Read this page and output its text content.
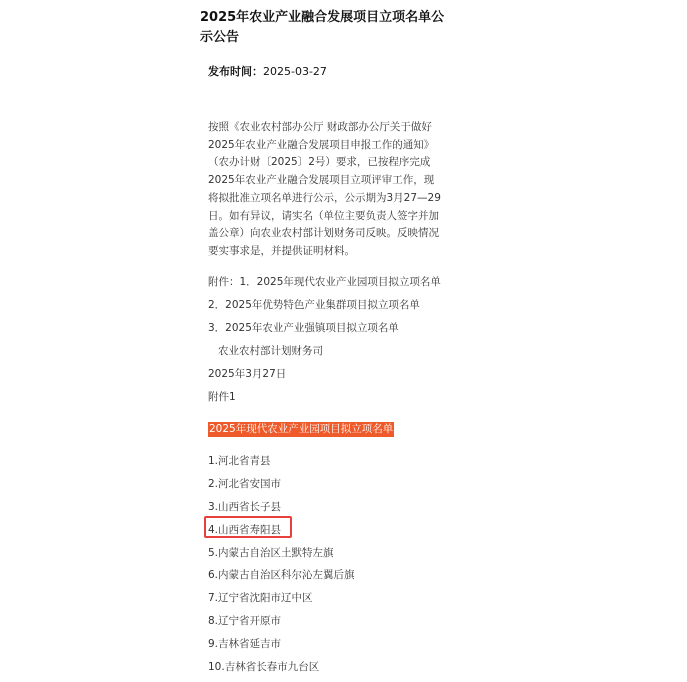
2025年农业产业融合发展项目立项名单公示公告
发布时间：2025-03-27

按照《农业农村部办公厅 财政部办公厅关于做好2025年农业产业融合发展项目申报工作的通知》（农办计财〔2025〕2号）要求，已按程序完成2025年农业产业融合发展项目立项评审工作，现将拟批准立项名单进行公示，公示期为3月27—29日。如有异议，请实名（单位主要负责人签字并加盖公章）向农业农村部计划财务司反映。反映情况要实事求是，并提供证明材料。

附件：1．2025年现代农业产业园项目拟立项名单
2．2025年优势特色产业集群项目拟立项名单
3．2025年农业产业强镇项目拟立项名单
农业农村部计划财务司
2025年3月27日
附件1
2025年现代农业产业园项目拟立项名单
1.河北省青县
2.河北省安国市
3.山西省长子县
4.山西省寿阳县
5.内蒙古自治区土默特左旗
6.内蒙古自治区科尔沁左翼后旗
7.辽宁省沈阳市辽中区
8.辽宁省开原市
9.吉林省延吉市
10.吉林省长春市九台区
